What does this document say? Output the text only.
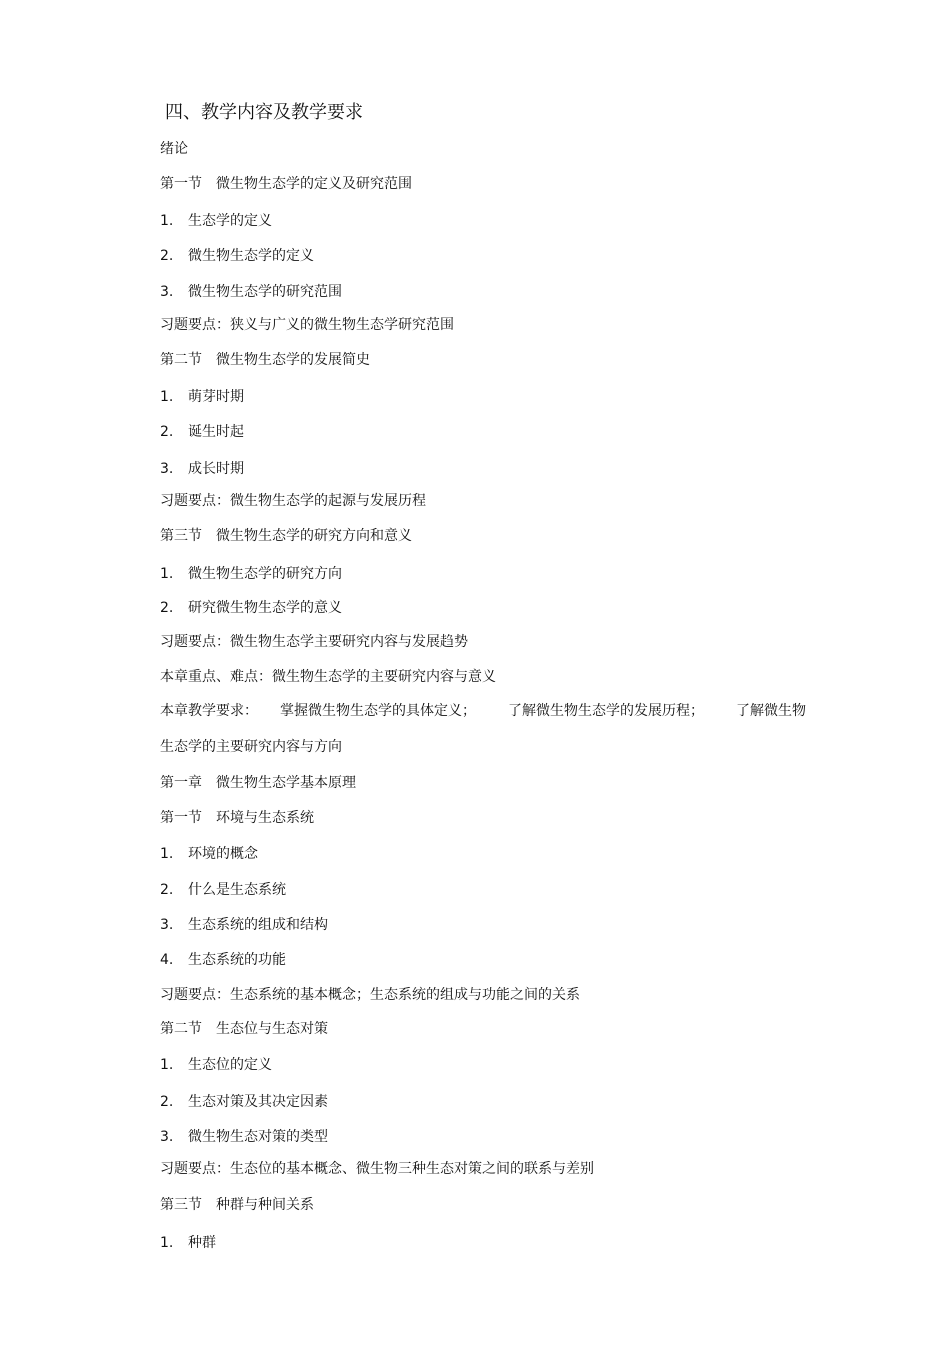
四、教学内容及教学要求
绪论
第一节　微生物生态学的定义及研究范围
1. 生态学的定义
2. 微生物生态学的定义
3. 微生物生态学的研究范围
习题要点：狭义与广义的微生物生态学研究范围
第二节　微生物生态学的发展简史
1. 萌芽时期
2. 诞生时起
3. 成长时期
习题要点：微生物生态学的起源与发展历程
第三节　微生物生态学的研究方向和意义
1. 微生物生态学的研究方向
2. 研究微生物生态学的意义
习题要点：微生物生态学主要研究内容与发展趋势
本章重点、难点：微生物生态学的主要研究内容与意义
本章教学要求： 掌握微生物生态学的具体定义； 了解微生物生态学的发展历程； 了解微生物
生态学的主要研究内容与方向
第一章　微生物生态学基本原理
第一节　环境与生态系统
1. 环境的概念
2. 什么是生态系统
3. 生态系统的组成和结构
4. 生态系统的功能
习题要点：生态系统的基本概念；生态系统的组成与功能之间的关系
第二节　生态位与生态对策
1. 生态位的定义
2. 生态对策及其决定因素
3. 微生物生态对策的类型
习题要点：生态位的基本概念、微生物三种生态对策之间的联系与差别
第三节　种群与种间关系
1. 种群
